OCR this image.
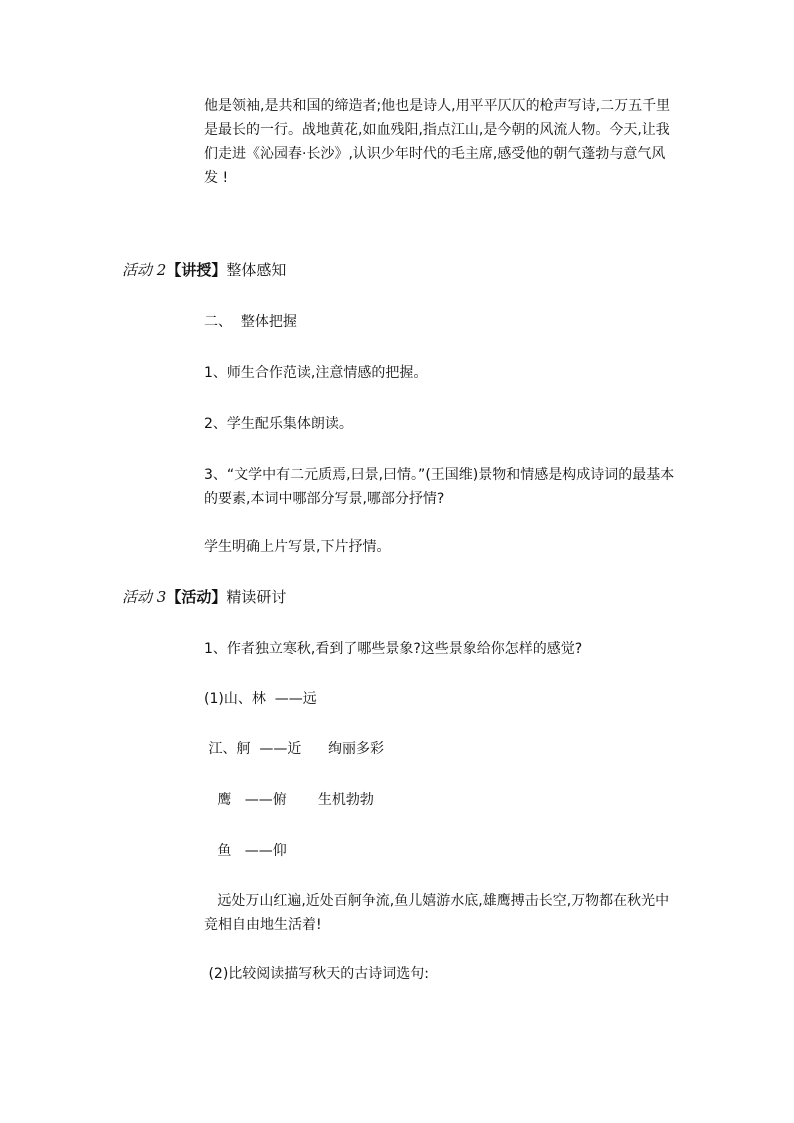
他是领袖,是共和国的缔造者;他也是诗人,用平平仄仄的枪声写诗,二万五千里

是最长的一行。战地黄花,如血残阳,指点江山,是今朝的风流人物。今天,让我

们走进《沁园春·长沙》,认识少年时代的毛主席,感受他的朝气蓬勃与意气风

发 !

活动 2【讲授】整体感知
二、  整体把握
1、师生合作范读,注意情感的把握。
2、学生配乐集体朗读。
3、“文学中有二元质焉,曰景,曰情。”(王国维)景物和情感是构成诗词的最基本
的要素,本词中哪部分写景,哪部分抒情?
学生明确上片写景,下片抒情。
活动 3【活动】精读研讨
1、作者独立寒秋,看到了哪些景象?这些景象给你怎样的感觉?
(1)山、林  ——远
江、舸  ——近      绚丽多彩
鹰   ——俯       生机勃勃
鱼   ——仰
远处万山红遍,近处百舸争流,鱼儿嬉游水底,雄鹰搏击长空,万物都在秋光中
竞相自由地生活着!
(2)比较阅读描写秋天的古诗词选句:
